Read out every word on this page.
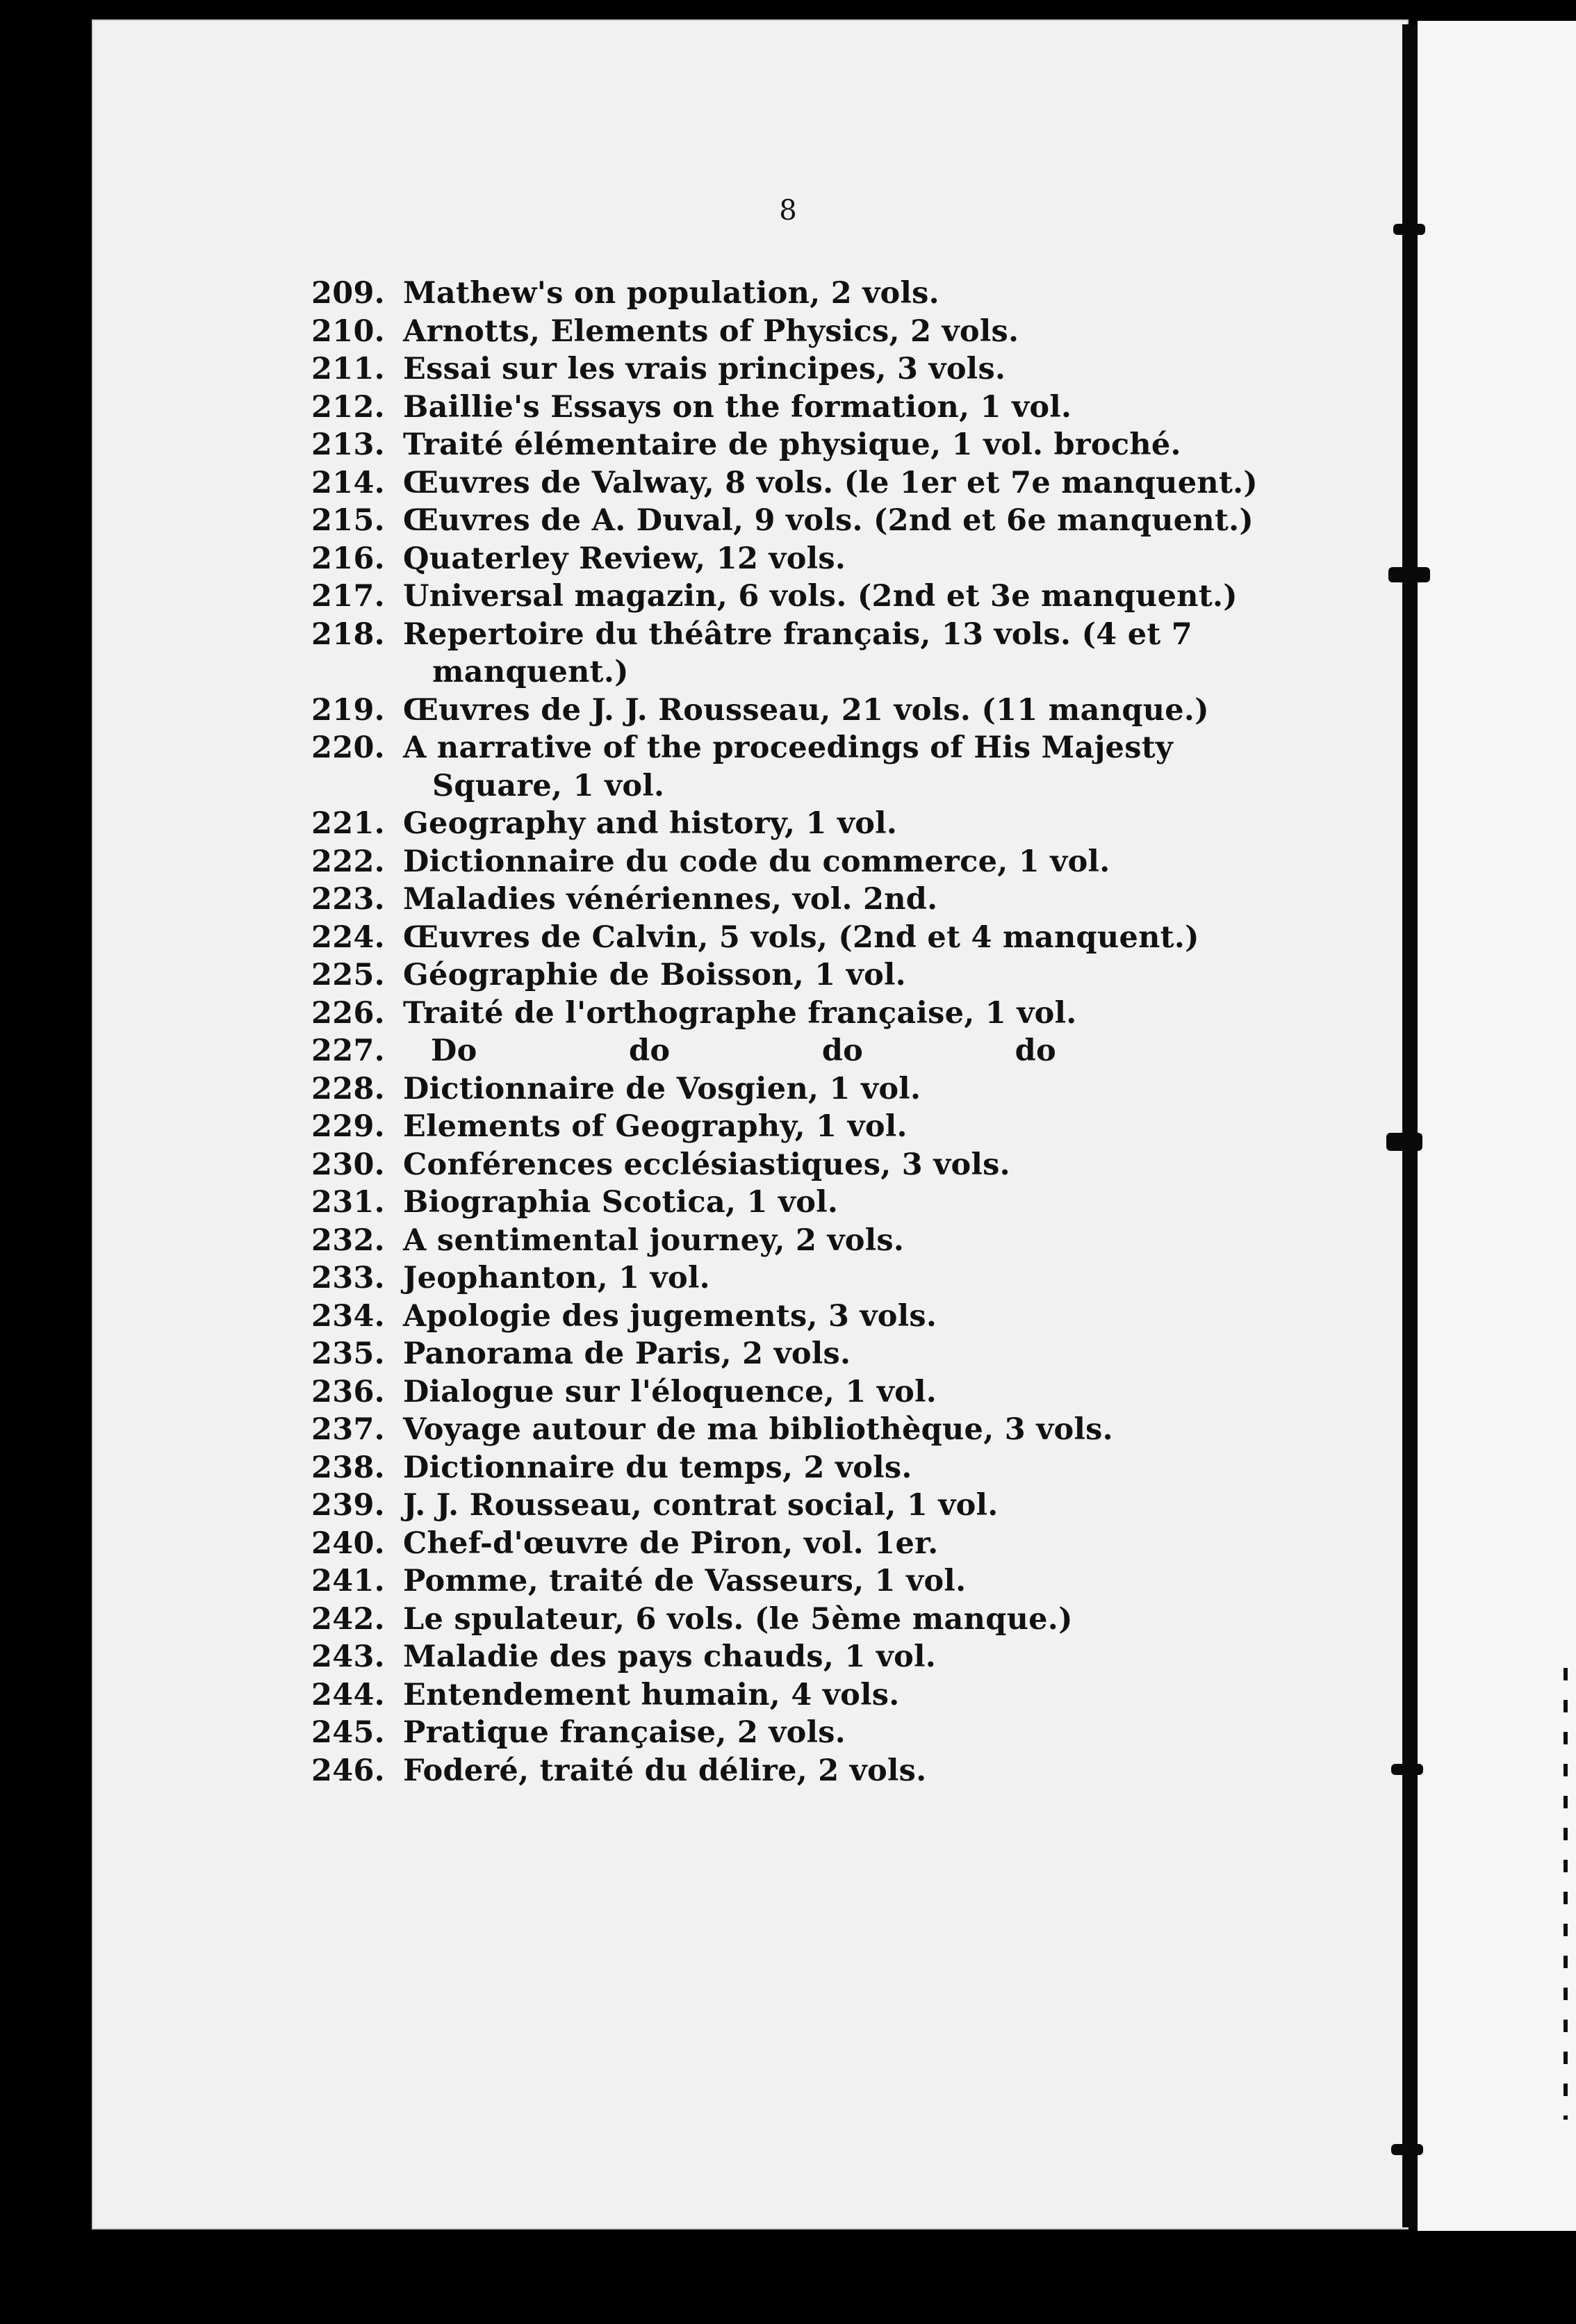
8
209. Mathew's on population, 2 vols.
210. Arnotts, Elements of Physics, 2 vols.
211. Essai sur les vrais principes, 3 vols.
212. Baillie's Essays on the formation, 1 vol.
213. Traité élémentaire de physique, 1 vol. broché.
214. Œuvres de Valway, 8 vols. (le 1er et 7e manquent.)
215. Œuvres de A. Duval, 9 vols. (2nd et 6e manquent.)
216. Quaterley Review, 12 vols.
217. Universal magazin, 6 vols. (2nd et 3e manquent.)
218. Repertoire du théâtre français, 13 vols. (4 et 7
manquent.)
219. Œuvres de J. J. Rousseau, 21 vols. (11 manque.)
220. A narrative of the proceedings of His Majesty
Square, 1 vol.
221. Geography and history, 1 vol.
222. Dictionnaire du code du commerce, 1 vol.
223. Maladies vénériennes, vol. 2nd.
224. Œuvres de Calvin, 5 vols, (2nd et 4 manquent.)
225. Géographie de Boisson, 1 vol.
226. Traité de l'orthographe française, 1 vol.
227.	Do	do	do	do
228. Dictionnaire de Vosgien, 1 vol.
229. Elements of Geography, 1 vol.
230. Conférences ecclésiastiques, 3 vols.
231. Biographia Scotica, 1 vol.
232. A sentimental journey, 2 vols.
233. Jeophanton, 1 vol.
234. Apologie des jugements, 3 vols.
235. Panorama de Paris, 2 vols.
236. Dialogue sur l'éloquence, 1 vol.
237. Voyage autour de ma bibliothèque, 3 vols.
238. Dictionnaire du temps, 2 vols.
239. J. J. Rousseau, contrat social, 1 vol.
240. Chef-d'œuvre de Piron, vol. 1er.
241. Pomme, traité de Vasseurs, 1 vol.
242. Le spulateur, 6 vols. (le 5ème manque.)
243. Maladie des pays chauds, 1 vol.
244. Entendement humain, 4 vols.
245. Pratique française, 2 vols.
246. Foderé, traité du délire, 2 vols.
